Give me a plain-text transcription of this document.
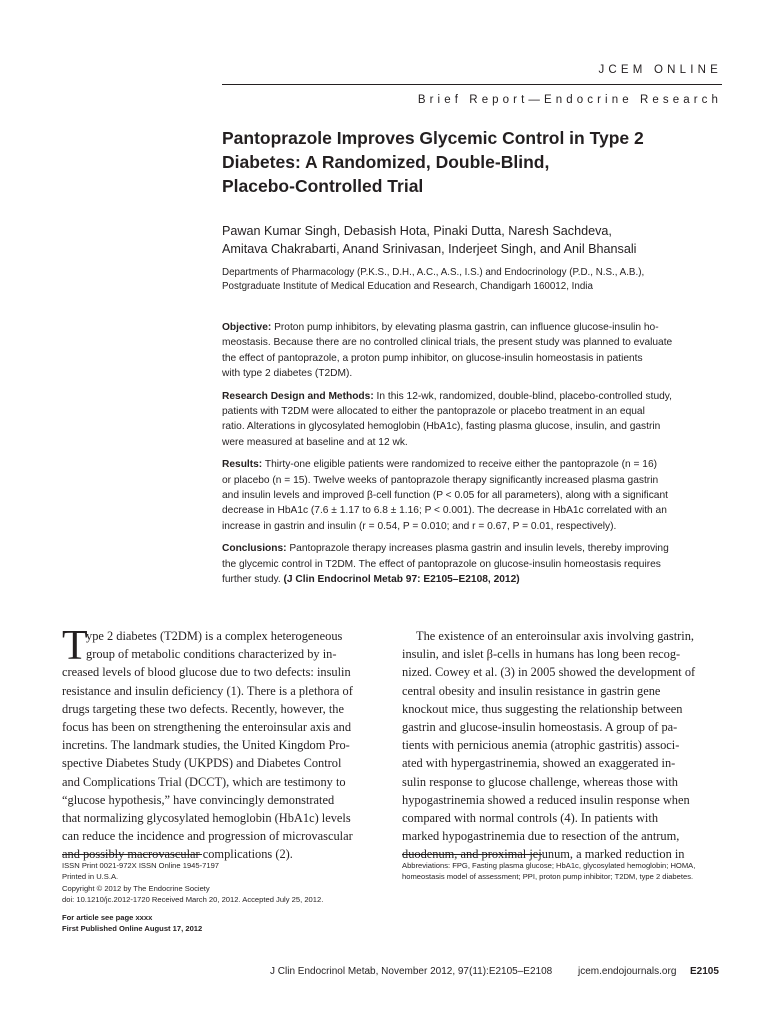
JCEM ONLINE
Brief Report—Endocrine Research
Pantoprazole Improves Glycemic Control in Type 2
Diabetes: A Randomized, Double-Blind,
Placebo-Controlled Trial
Pawan Kumar Singh, Debasish Hota, Pinaki Dutta, Naresh Sachdeva,
Amitava Chakrabarti, Anand Srinivasan, Inderjeet Singh, and Anil Bhansali
Departments of Pharmacology (P.K.S., D.H., A.C., A.S., I.S.) and Endocrinology (P.D., N.S., A.B.),
Postgraduate Institute of Medical Education and Research, Chandigarh 160012, India
Objective: Proton pump inhibitors, by elevating plasma gastrin, can influence glucose-insulin ho-
meostasis. Because there are no controlled clinical trials, the present study was planned to evaluate
the effect of pantoprazole, a proton pump inhibitor, on glucose-insulin homeostasis in patients
with type 2 diabetes (T2DM).
Research Design and Methods: In this 12-wk, randomized, double-blind, placebo-controlled study,
patients with T2DM were allocated to either the pantoprazole or placebo treatment in an equal
ratio. Alterations in glycosylated hemoglobin (HbA1c), fasting plasma glucose, insulin, and gastrin
were measured at baseline and at 12 wk.
Results: Thirty-one eligible patients were randomized to receive either the pantoprazole (n = 16)
or placebo (n = 15). Twelve weeks of pantoprazole therapy significantly increased plasma gastrin
and insulin levels and improved β-cell function (P < 0.05 for all parameters), along with a significant
decrease in HbA1c (7.6 ± 1.17 to 6.8 ± 1.16; P < 0.001). The decrease in HbA1c correlated with an
increase in gastrin and insulin (r = 0.54, P = 0.010; and r = 0.67, P = 0.01, respectively).
Conclusions: Pantoprazole therapy increases plasma gastrin and insulin levels, thereby improving
the glycemic control in T2DM. The effect of pantoprazole on glucose-insulin homeostasis requires
further study. (J Clin Endocrinol Metab 97: E2105–E2108, 2012)
T
ype 2 diabetes (T2DM) is a complex heterogeneous
group of metabolic conditions characterized by in-
creased levels of blood glucose due to two defects: insulin
resistance and insulin deficiency (1). There is a plethora of
drugs targeting these two defects. Recently, however, the
focus has been on strengthening the enteroinsular axis and
incretins. The landmark studies, the United Kingdom Pro-
spective Diabetes Study (UKPDS) and Diabetes Control
and Complications Trial (DCCT), which are testimony to
“glucose hypothesis,” have convincingly demonstrated
that normalizing glycosylated hemoglobin (HbA1c) levels
can reduce the incidence and progression of microvascular
and possibly macrovascular complications (2).
The existence of an enteroinsular axis involving gastrin,
insulin, and islet β-cells in humans has long been recog-
nized. Cowey et al. (3) in 2005 showed the development of
central obesity and insulin resistance in gastrin gene
knockout mice, thus suggesting the relationship between
gastrin and glucose-insulin homeostasis. A group of pa-
tients with pernicious anemia (atrophic gastritis) associ-
ated with hypergastrinemia, showed an exaggerated in-
sulin response to glucose challenge, whereas those with
hypogastrinemia showed a reduced insulin response when
compared with normal controls (4). In patients with
marked hypogastrinemia due to resection of the antrum,
duodenum, and proximal jejunum, a marked reduction in
ISSN Print 0021-972X ISSN Online 1945-7197
Printed in U.S.A.
Copyright © 2012 by The Endocrine Society
doi: 10.1210/jc.2012-1720 Received March 20, 2012. Accepted July 25, 2012.
For article see page xxxx
First Published Online August 17, 2012
Abbreviations: FPG, Fasting plasma glucose; HbA1c, glycosylated hemoglobin; HOMA,
homeostasis model of assessment; PPI, proton pump inhibitor; T2DM, type 2 diabetes.
J Clin Endocrinol Metab, November 2012, 97(11):E2105–E2108	jcem.endojournals.org E2105
